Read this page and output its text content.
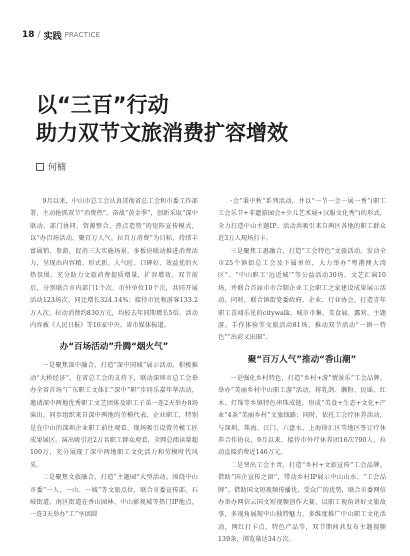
18 / 实践 PRACTICE
以“三百”行动
助力双节文旅消费扩容增效
何楠

9月以来，中山市总工会认真贯彻省总工会和市委工作部署，主动抢抓双节“消费热”，奋战“黄金季”，创新采取“深中联动、部门协同、资源整合、热点造势”的矩阵宣传模式，以“办百场活动、聚百万人气、拉百万消费”为目标，持续丰富展销、参游、促消三大实施场景，多板块联动推进消费活力，呈现出内容精、形式新、人气旺、口碑好、效益优的火热氛围。充分助力文旅消费提质增量，扩容增效。双节前后，分别联合市内部门1个次、市外单位10个次，共同开展活动123场次，同比增长324.14%；接待市民和游客133.2万人次，拉动消费约830万元，均较去年同期增长5倍，活动内容被《人民日报》等16家中央、省市媒体报道。

办“百场活动”升腾“烟火气”

一是聚焦深中融合，打造“深中同城”展示活动。积极推动“大桥经济”，在省总工会的支持下，联动深圳市总工会举办全省首场“广东职工文体汇”深中“职”步同乐嘉年华活动，邀请深中两地优秀职工文艺团体及职工子弟一连2天举办8场演出，同步组织来自深中两地的劳模代表、企业职工，特别是在中山的深圳企业职工前往观看，现场吸引设置劳模工匠成果展区。演出吸引近2万名职工群众观看，全网总阅读量超100万，充分展现了深中两地职工文化活力和劳模时代风采。

二是聚焦文旅融合，打造“主题园”大型活动。围绕中山市委“一人、一山、一城”等文旅点位，联合市委宣传部、石岐街道、南区街道在香山园林、中山影视城等热门IP地点，一连3天举办“工”享团圆

·会”秉中秋”系列活动，并以“一节一会一展一秀”(职工工会乐节+非遗游园会+少儿艺术展+汉服文化秀”)的形式，全力打造中山主题IP。活动共吸引来自两区各地的职工群众近3万人现场打卡。

三是聚焦工惠融合，打造“工会特色”文旅活动。发动全市25个镇街总工会及下属单位，大力举办“粤港澳大湾区”、“中山职工‘远近城’”等公益活动30场、文艺汇演10场，并联合首届市市合制企业工会职工之家建设成果展示活动。同时，联合镇街党委政府、企业、行业协会，打造青年职工喜闻乐见的citywalk、城市市集、美食展、露营、主题游、手作体验等文旅活动81场，推动双节活动“一镇一特色”“出彩又出圈”。

聚“百万人气”推动“香山潮”

一是强化乡村特色，打造“乡村+游”情景乐“工会品牌。举办“美丽乡村中山职工游”活动，将乳鸽、濑粉、民谣、红木、灯饰等乡镇特色串珠成链，形成“美食+生态+文化+产业”4条“美丽乡村”文旅线路；同时，依托工会疗休养活动，与深圳、珠海、江门、六盘水、上海徐汇区等地区签订疗休养合作协议，9月以来，接待市外疗休养团16次790人，拉动直接消费近146万元。

二是突出工会主责，打造“乡村+文旅宣传”工会品牌。借助“国企宣传之窗”，带动乡村IP展示中山山水、“工会品牌”。借助国文短视频传播优，受众广的优势，联合市委网信办举办网信云国文短视频创作大赛，以职工视角讲好文旅故事，多视角展现中山独特魅力，多维度推广中山职工文化活动，网红打卡点、特色产品等，双节期间共发布主题视频139条，浏览量达34万次。
